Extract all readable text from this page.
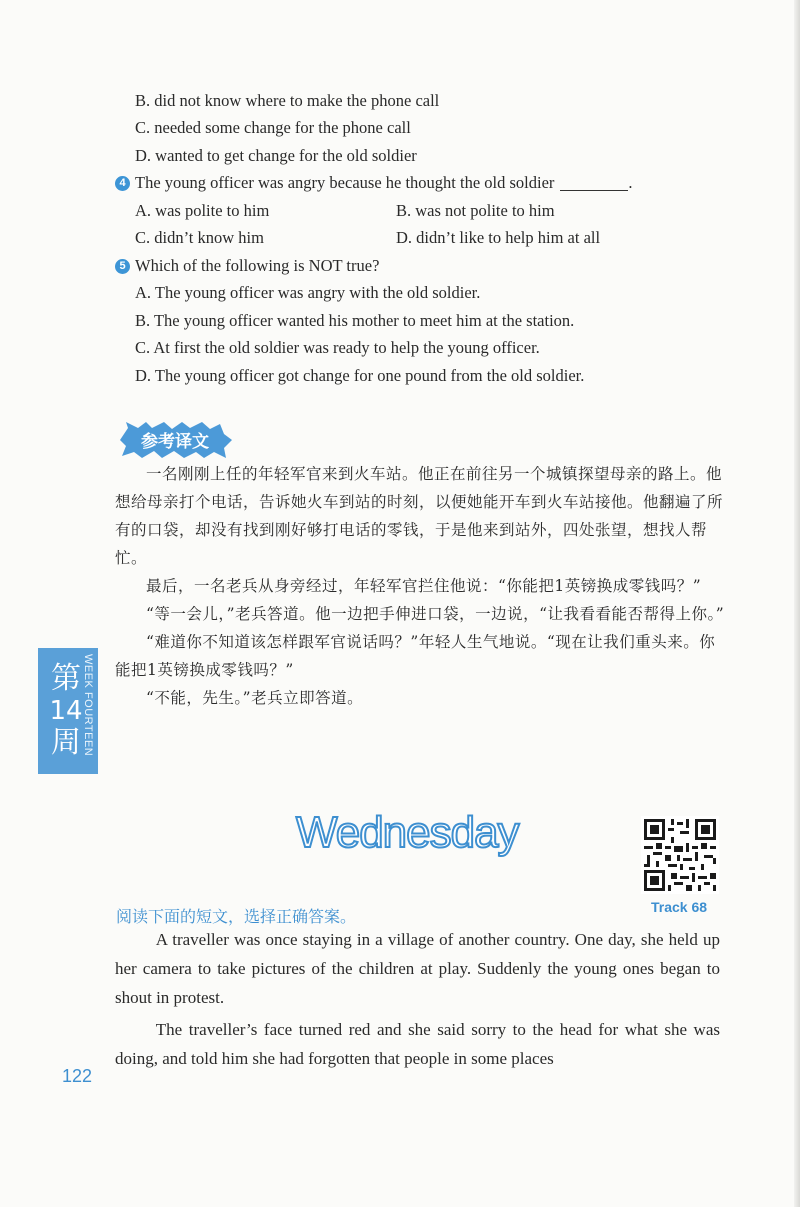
B. did not know where to make the phone call
C. needed some change for the phone call
D. wanted to get change for the old soldier
4 The young officer was angry because he thought the old soldier	.
A. was polite to him	B. was not polite to him
C. didn’t know him	D. didn’t like to help him at all
5 Which of the following is NOT true?
A. The young officer was angry with the old soldier.
B. The young officer wanted his mother to meet him at the station.
C. At first the old soldier was ready to help the young officer.
D. The young officer got change for one pound from the old soldier.
参考译文

一名刚刚上任的年轻军官来到火车站。他正在前往另一个城镇探望母亲的路上。他想给母亲打个电话，告诉她火车到站的时刻，以便她能开车到火车站接他。他翻遍了所有的口袋，却没有找到刚好够打电话的零钱，于是他来到站外，四处张望，想找人帮忙。

最后，一名老兵从身旁经过，年轻军官拦住他说：“你能把1英镑换成零钱吗？”

“等一会儿，”老兵答道。他一边把手伸进口袋，一边说，“让我看看能否帮得上你。”

“难道你不知道该怎样跟军官说话吗？”年轻人生气地说。“现在让我们重头来。你能把1英镑换成零钱吗？”

“不能，先生。”老兵立即答道。

第
14
周 WEEK FOURTEEN
Wednesday
Track 68
阅读下面的短文，选择正确答案。

A traveller was once staying in a village of another country. One day, she held up her camera to take pictures of the children at play. Suddenly the young ones began to shout in protest.

The traveller’s face turned red and she said sorry to the head for what she was doing, and told him she had forgotten that people in some places

122
